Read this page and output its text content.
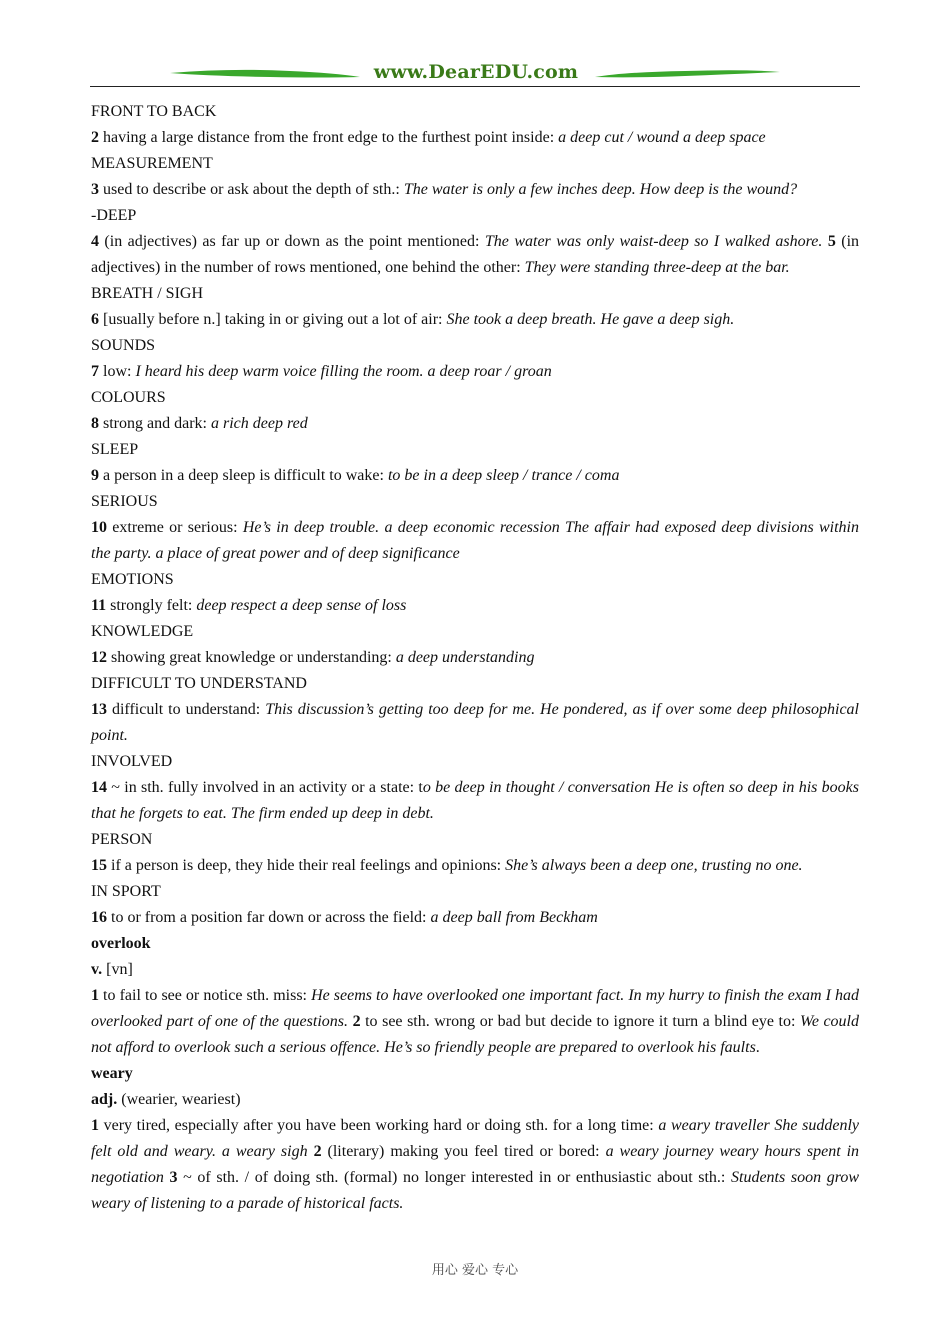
www.DearEDU.com

FRONT TO BACK

2 having a large distance from the front edge to the furthest point inside: a deep cut / wound a deep space

MEASUREMENT

3 used to describe or ask about the depth of sth.: The water is only a few inches deep. How deep is the wound?

-DEEP

4 (in adjectives) as far up or down as the point mentioned: The water was only waist-deep so I walked ashore. 5 (in adjectives) in the number of rows mentioned, one behind the other: They were standing three-deep at the bar.

BREATH / SIGH

6 [usually before n.] taking in or giving out a lot of air: She took a deep breath. He gave a deep sigh.

SOUNDS

7 low: I heard his deep warm voice filling the room. a deep roar / groan

COLOURS

8 strong and dark: a rich deep red

SLEEP

9 a person in a deep sleep is difficult to wake: to be in a deep sleep / trance / coma

SERIOUS

10 extreme or serious: He’s in deep trouble. a deep economic recession The affair had exposed deep divisions within the party. a place of great power and of deep significance

EMOTIONS

11 strongly felt: deep respect a deep sense of loss

KNOWLEDGE

12 showing great knowledge or understanding: a deep understanding

DIFFICULT TO UNDERSTAND

13 difficult to understand: This discussion’s getting too deep for me. He pondered, as if over some deep philosophical point.

INVOLVED

14 ~ in sth. fully involved in an activity or a state: to be deep in thought / conversation He is often so deep in his books that he forgets to eat. The firm ended up deep in debt.

PERSON

15 if a person is deep, they hide their real feelings and opinions: She’s always been a deep one, trusting no one.

IN SPORT

16 to or from a position far down or across the field: a deep ball from Beckham

overlook

v. [vn]

1 to fail to see or notice sth. miss: He seems to have overlooked one important fact. In my hurry to finish the exam I had overlooked part of one of the questions. 2 to see sth. wrong or bad but decide to ignore it turn a blind eye to: We could not afford to overlook such a serious offence. He’s so friendly people are prepared to overlook his faults.

weary

adj. (wearier, weariest)

1 very tired, especially after you have been working hard or doing sth. for a long time: a weary traveller She suddenly felt old and weary. a weary sigh 2 (literary) making you feel tired or bored: a weary journey weary hours spent in negotiation 3 ~ of sth. / of doing sth. (formal) no longer interested in or enthusiastic about sth.: Students soon grow weary of listening to a parade of historical facts.

用心 爱心 专心
